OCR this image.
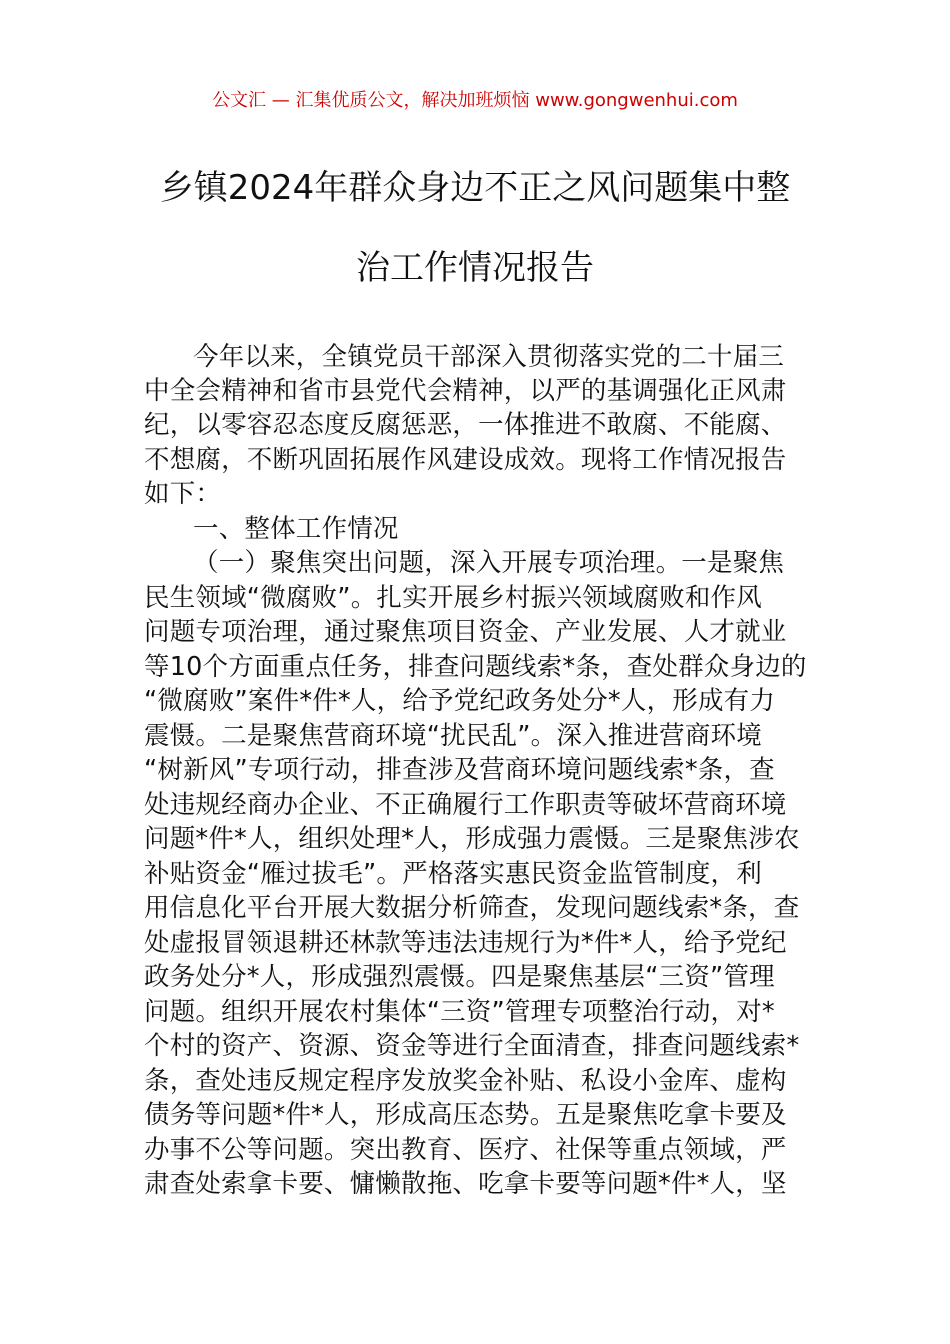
公文汇 — 汇集优质公文，解决加班烦恼 www.gongwenhui.com
乡镇2024年群众身边不正之风问题集中整
治工作情况报告
今年以来，全镇党员干部深入贯彻落实党的二十届三
中全会精神和省市县党代会精神，以严的基调强化正风肃
纪，以零容忍态度反腐惩恶，一体推进不敢腐、不能腐、
不想腐，不断巩固拓展作风建设成效。现将工作情况报告
如下：
一、整体工作情况
（一）聚焦突出问题，深入开展专项治理。一是聚焦
民生领域“微腐败”。扎实开展乡村振兴领域腐败和作风
问题专项治理，通过聚焦项目资金、产业发展、人才就业
等10个方面重点任务，排查问题线索*条，查处群众身边的
“微腐败”案件*件*人，给予党纪政务处分*人，形成有力
震慑。二是聚焦营商环境“扰民乱”。深入推进营商环境
“树新风”专项行动，排查涉及营商环境问题线索*条，查
处违规经商办企业、不正确履行工作职责等破坏营商环境
问题*件*人，组织处理*人，形成强力震慑。三是聚焦涉农
补贴资金“雁过拔毛”。严格落实惠民资金监管制度，利
用信息化平台开展大数据分析筛查，发现问题线索*条，查
处虚报冒领退耕还林款等违法违规行为*件*人，给予党纪
政务处分*人，形成强烈震慑。四是聚焦基层“三资”管理
问题。组织开展农村集体“三资”管理专项整治行动，对*
个村的资产、资源、资金等进行全面清查，排查问题线索*
条，查处违反规定程序发放奖金补贴、私设小金库、虚构
债务等问题*件*人，形成高压态势。五是聚焦吃拿卡要及
办事不公等问题。突出教育、医疗、社保等重点领域，严
肃查处索拿卡要、慵懒散拖、吃拿卡要等问题*件*人，坚
